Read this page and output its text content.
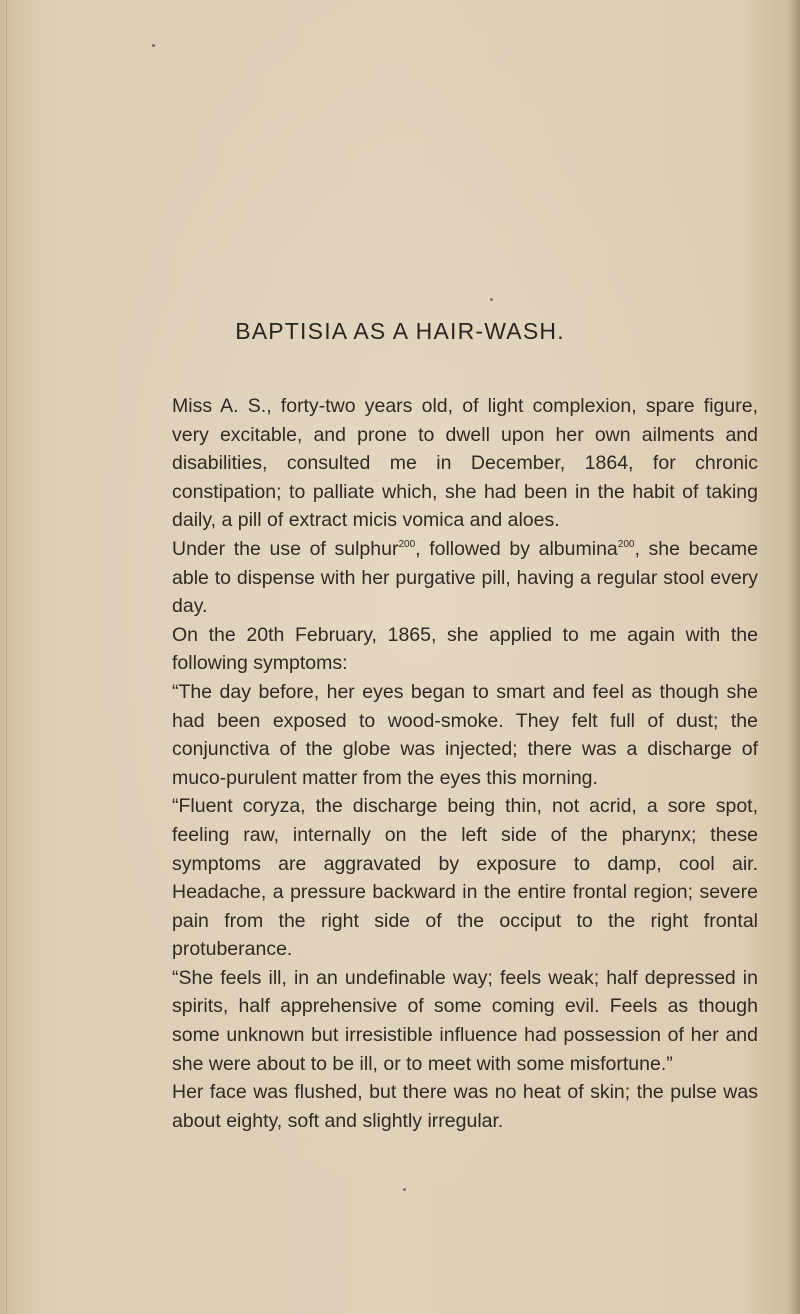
BAPTISIA AS A HAIR-WASH.

Miss A. S., forty-two years old, of light complexion, spare figure, very excitable, and prone to dwell upon her own ailments and disabilities, consulted me in December, 1864, for chronic constipation; to palliate which, she had been in the habit of taking daily, a pill of extract micis vomica and aloes.

Under the use of sulphur$^{200}$, followed by albumina$^{200}$, she became able to dispense with her purgative pill, having a regular stool every day.

On the 20th February, 1865, she applied to me again with the following symptoms:

“The day before, her eyes began to smart and feel as though she had been exposed to wood-smoke. They felt full of dust; the conjunctiva of the globe was injected; there was a discharge of muco-purulent matter from the eyes this morning.

“Fluent coryza, the discharge being thin, not acrid, a sore spot, feeling raw, internally on the left side of the pharynx; these symptoms are aggravated by exposure to damp, cool air. Headache, a pressure backward in the entire frontal region; severe pain from the right side of the occiput to the right frontal protuberance.

“She feels ill, in an undefinable way; feels weak; half depressed in spirits, half apprehensive of some coming evil. Feels as though some unknown but irresistible influence had possession of her and she were about to be ill, or to meet with some misfortune.”

Her face was flushed, but there was no heat of skin; the pulse was about eighty, soft and slightly irregular.
